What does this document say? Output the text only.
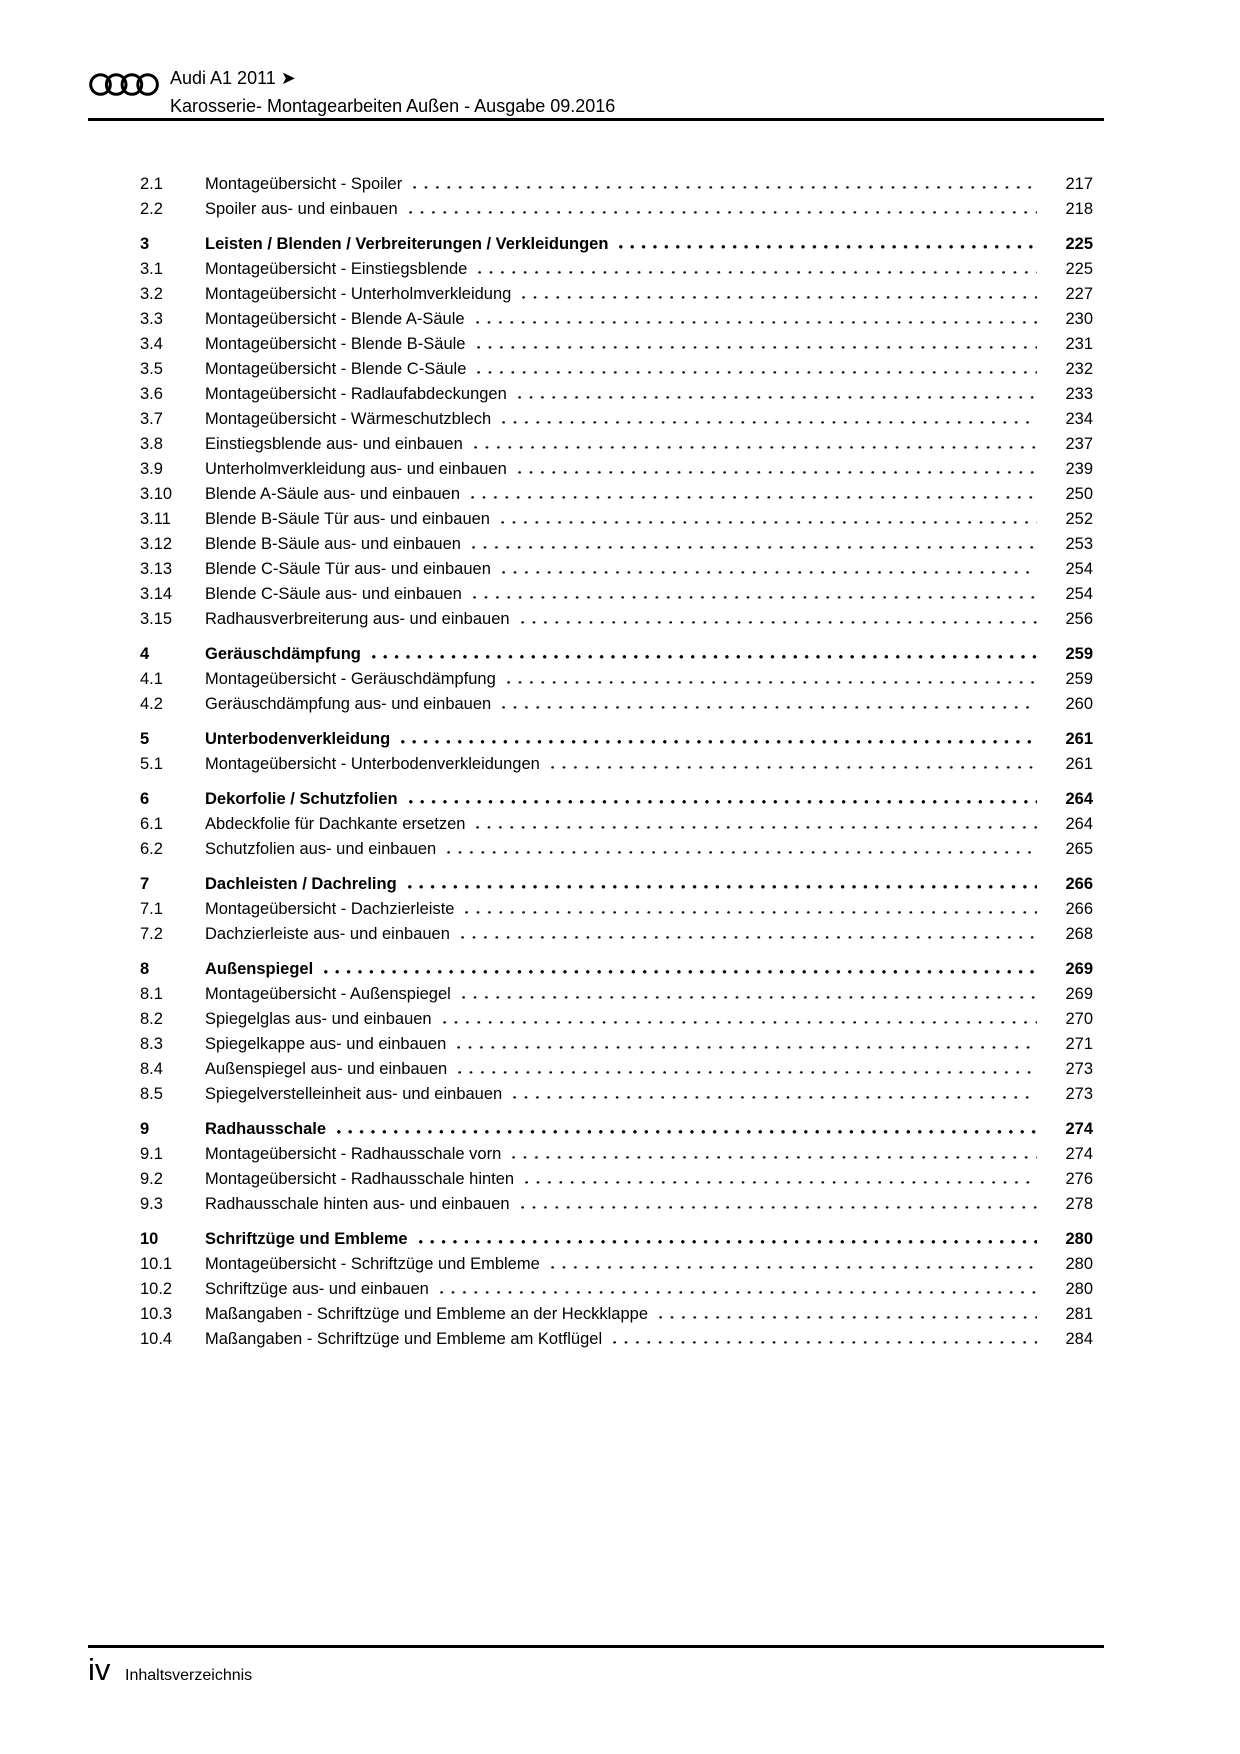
Audi A1 2011 ➤
Karosserie- Montagearbeiten Außen - Ausgabe 09.2016
2.1	Montageübersicht - Spoiler	217
2.2	Spoiler aus- und einbauen	218
3	Leisten / Blenden / Verbreiterungen / Verkleidungen	225
3.1	Montageübersicht - Einstiegsblende	225
3.2	Montageübersicht - Unterholmverkleidung	227
3.3	Montageübersicht - Blende A-Säule	230
3.4	Montageübersicht - Blende B-Säule	231
3.5	Montageübersicht - Blende C-Säule	232
3.6	Montageübersicht - Radlaufabdeckungen	233
3.7	Montageübersicht - Wärmeschutzblech	234
3.8	Einstiegsblende aus- und einbauen	237
3.9	Unterholmverkleidung aus- und einbauen	239
3.10	Blende A-Säule aus- und einbauen	250
3.11	Blende B-Säule Tür aus- und einbauen	252
3.12	Blende B-Säule aus- und einbauen	253
3.13	Blende C-Säule Tür aus- und einbauen	254
3.14	Blende C-Säule aus- und einbauen	254
3.15	Radhausverbreiterung aus- und einbauen	256
4	Geräuschdämpfung	259
4.1	Montageübersicht - Geräuschdämpfung	259
4.2	Geräuschdämpfung aus- und einbauen	260
5	Unterbodenverkleidung	261
5.1	Montageübersicht - Unterbodenverkleidungen	261
6	Dekorfolie / Schutzfolien	264
6.1	Abdeckfolie für Dachkante ersetzen	264
6.2	Schutzfolien aus- und einbauen	265
7	Dachleisten / Dachreling	266
7.1	Montageübersicht - Dachzierleiste	266
7.2	Dachzierleiste aus- und einbauen	268
8	Außenspiegel	269
8.1	Montageübersicht - Außenspiegel	269
8.2	Spiegelglas aus- und einbauen	270
8.3	Spiegelkappe aus- und einbauen	271
8.4	Außenspiegel aus- und einbauen	273
8.5	Spiegelverstelleinheit aus- und einbauen	273
9	Radhausschale	274
9.1	Montageübersicht - Radhausschale vorn	274
9.2	Montageübersicht - Radhausschale hinten	276
9.3	Radhausschale hinten aus- und einbauen	278
10	Schriftzüge und Embleme	280
10.1	Montageübersicht - Schriftzüge und Embleme	280
10.2	Schriftzüge aus- und einbauen	280
10.3	Maßangaben - Schriftzüge und Embleme an der Heckklappe	281
10.4	Maßangaben - Schriftzüge und Embleme am Kotflügel	284
iv Inhaltsverzeichnis
